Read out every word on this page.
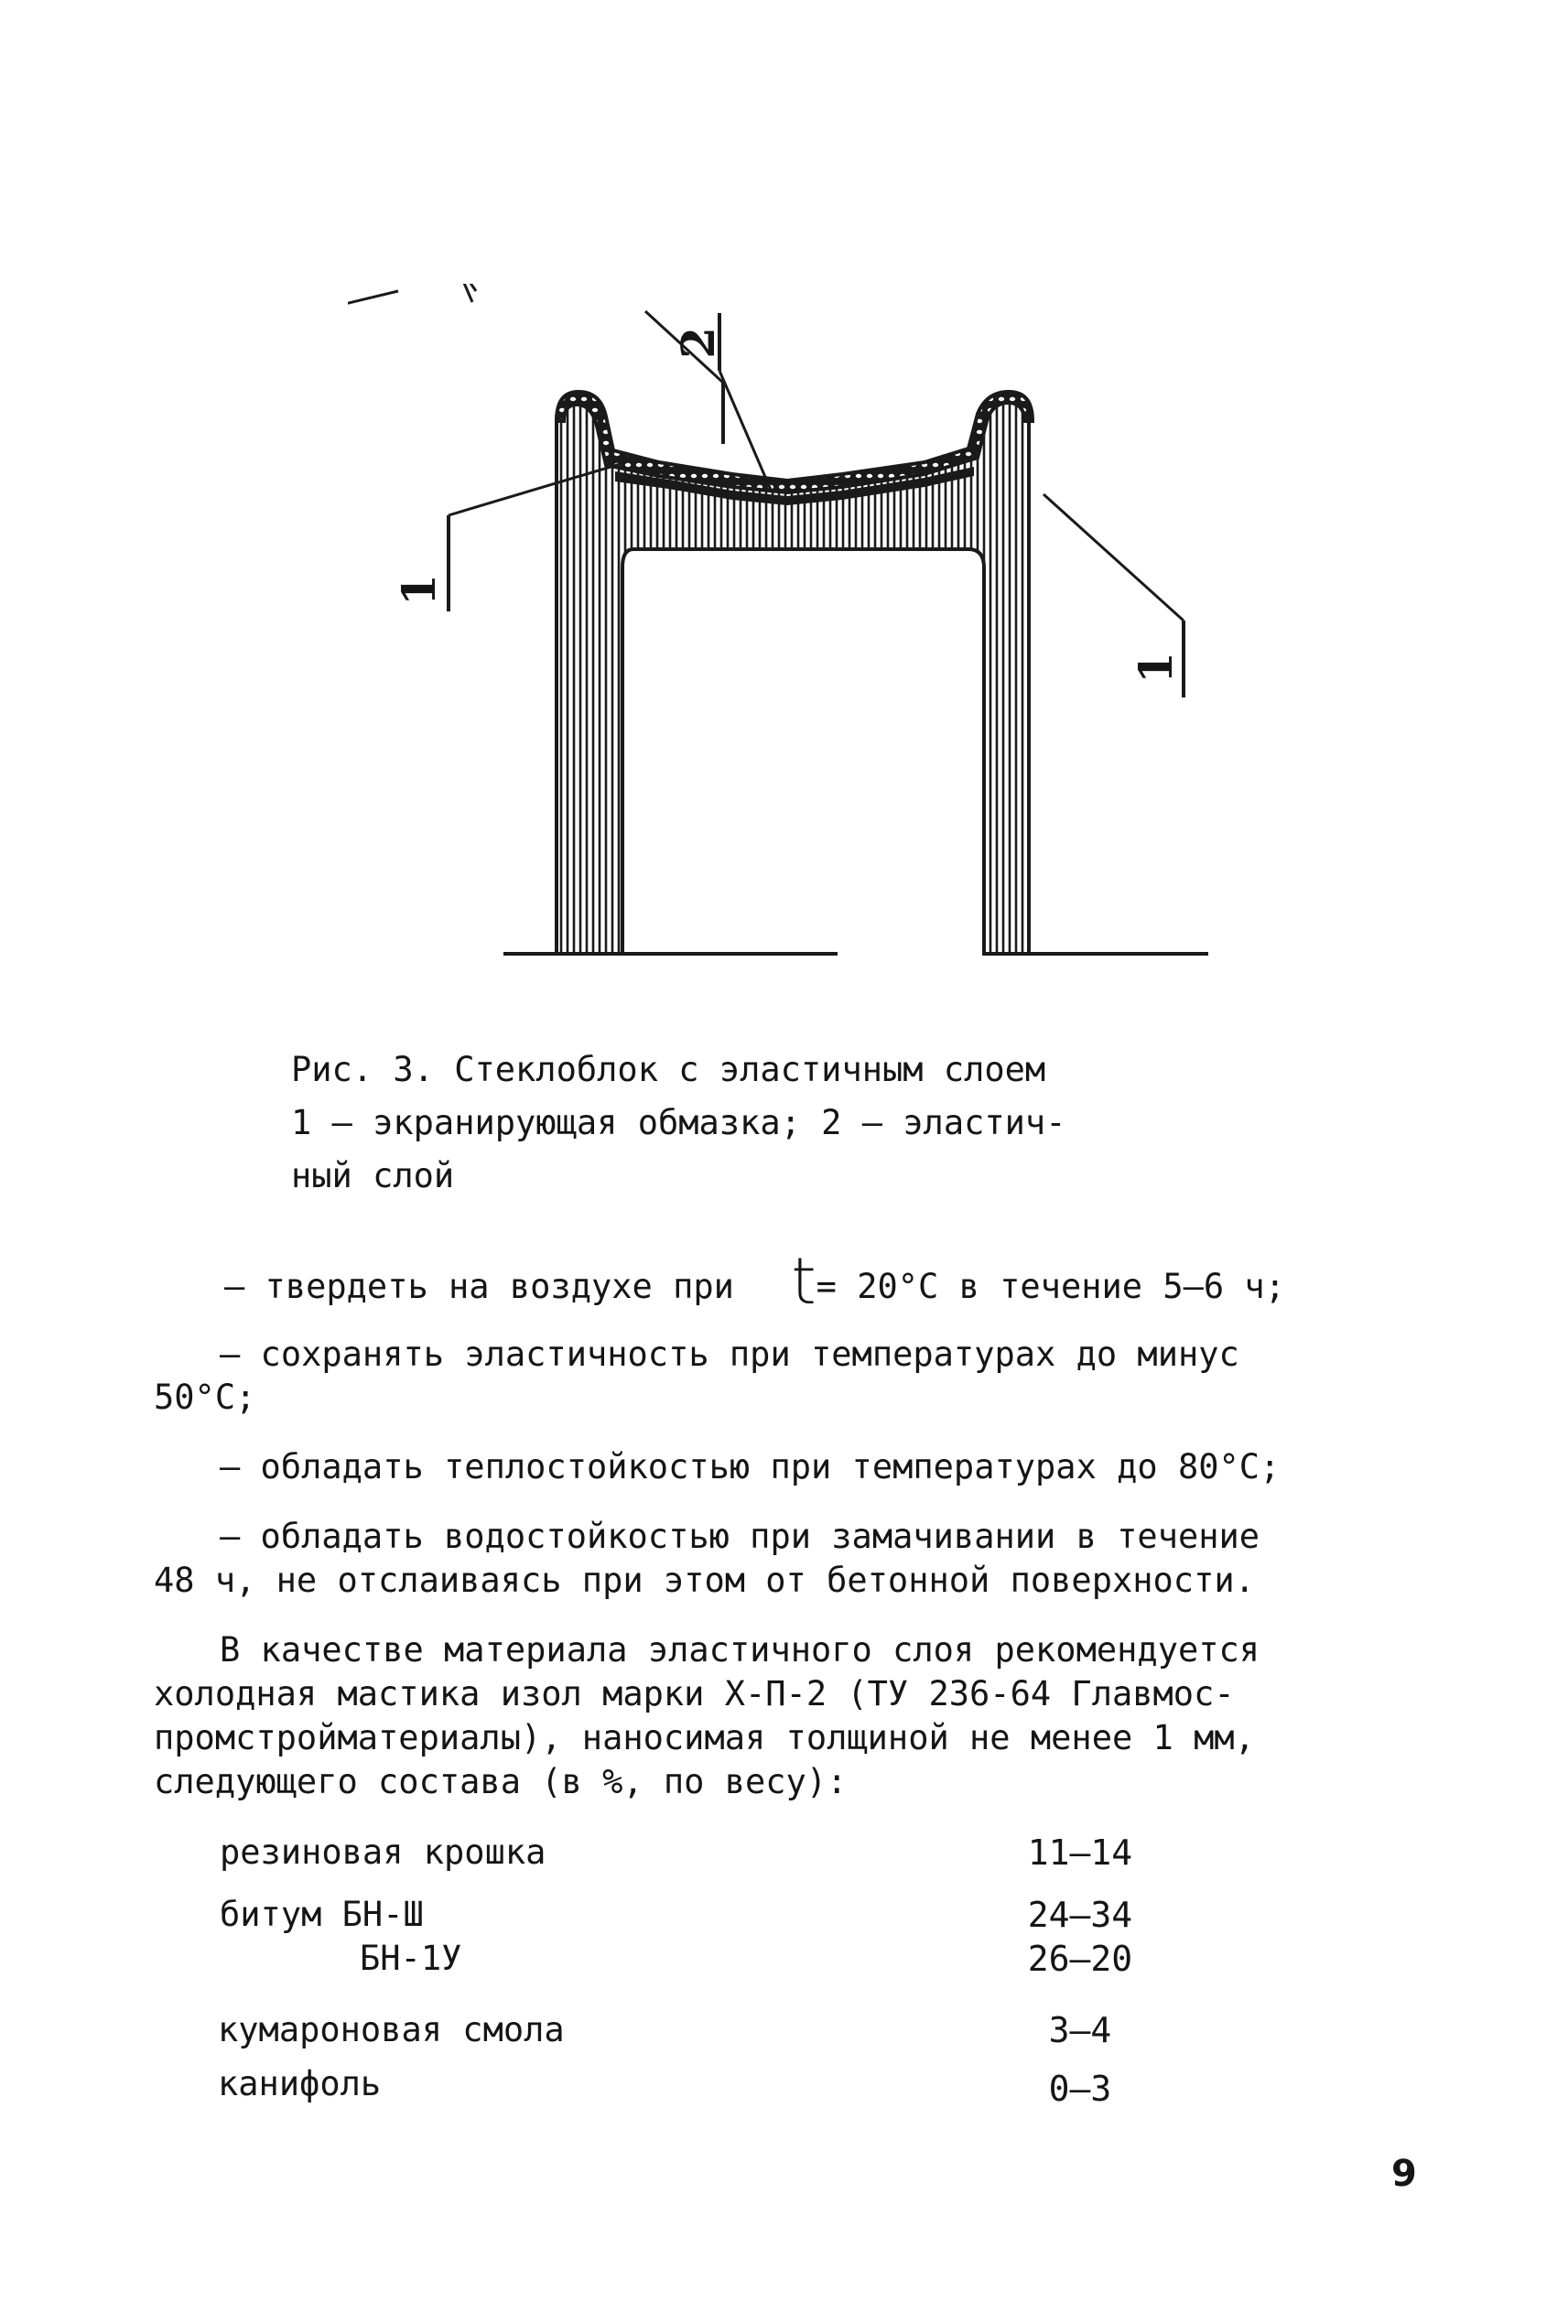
2
1
1
Рис. 3. Стеклоблок с эластичным слоем
1 – экранирующая обмазка; 2 – эластич-
ный слой
– твердеть на воздухе при t= 20°С в течение 5–6 ч;
– сохранять эластичность при температурах до минус
50°С;
– обладать теплостойкостью при температурах до 80°С;
– обладать водостойкостью при замачивании в течение
48 ч, не отслаиваясь при этом от бетонной поверхности.
В качестве материала эластичного слоя рекомендуется
холодная мастика изол марки Х-П-2 (ТУ 236-64 Главмос-
промстройматериалы), наносимая толщиной не менее 1 мм,
следующего состава (в %, по весу):
резиновая крошка	11–14
битум БН-Ш	24–34
БН-1У	26–20
кумароновая смола	3–4
канифоль	0–3
9
